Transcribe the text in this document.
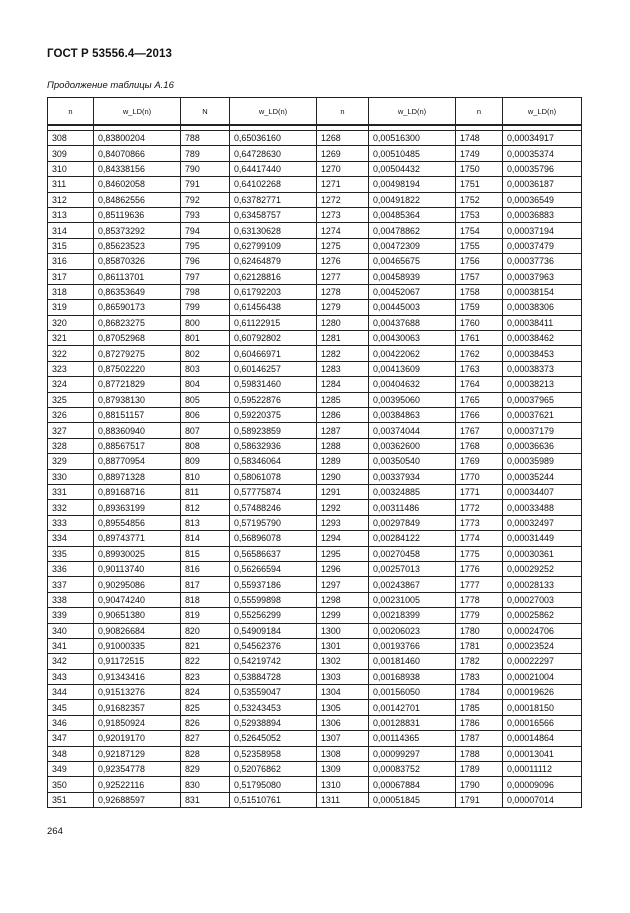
ГОСТ Р 53556.4—2013
Продолжение таблицы А.16
n	w_LD(n)	N	w_LD(n)	n	w_LD(n)	n	w_LD(n)

308	0,83800204	788	0,65036160	1268	0,00516300	1748	0,00034917
309	0,84070866	789	0,64728630	1269	0,00510485	1749	0,00035374
310	0,84338156	790	0,64417440	1270	0,00504432	1750	0,00035796
311	0,84602058	791	0,64102268	1271	0,00498194	1751	0,00036187
312	0,84862556	792	0,63782771	1272	0,00491822	1752	0,00036549
313	0,85119636	793	0,63458757	1273	0,00485364	1753	0,00036883
314	0,85373292	794	0,63130628	1274	0,00478862	1754	0,00037194
315	0,85623523	795	0,62799109	1275	0,00472309	1755	0,00037479
316	0,85870326	796	0,62464879	1276	0,00465675	1756	0,00037736
317	0,86113701	797	0,62128816	1277	0,00458939	1757	0,00037963
318	0,86353649	798	0,61792203	1278	0,00452067	1758	0,00038154
319	0,86590173	799	0,61456438	1279	0,00445003	1759	0,00038306
320	0,86823275	800	0,61122915	1280	0,00437688	1760	0,00038411
321	0,87052968	801	0,60792802	1281	0,00430063	1761	0,00038462
322	0,87279275	802	0,60466971	1282	0,00422062	1762	0,00038453
323	0,87502220	803	0,60146257	1283	0,00413609	1763	0,00038373
324	0,87721829	804	0,59831460	1284	0,00404632	1764	0,00038213
325	0,87938130	805	0,59522876	1285	0,00395060	1765	0,00037965
326	0,88151157	806	0,59220375	1286	0,00384863	1766	0,00037621
327	0,88360940	807	0,58923859	1287	0,00374044	1767	0,00037179
328	0,88567517	808	0,58632936	1288	0,00362600	1768	0,00036636
329	0,88770954	809	0,58346064	1289	0,00350540	1769	0,00035989
330	0,88971328	810	0,58061078	1290	0,00337934	1770	0,00035244
331	0,89168716	811	0,57775874	1291	0,00324885	1771	0,00034407
332	0,89363199	812	0,57488246	1292	0,00311486	1772	0,00033488
333	0,89554856	813	0,57195790	1293	0,00297849	1773	0,00032497
334	0,89743771	814	0,56896078	1294	0,00284122	1774	0,00031449
335	0,89930025	815	0,56586637	1295	0,00270458	1775	0,00030361
336	0,90113740	816	0,56266594	1296	0,00257013	1776	0,00029252
337	0,90295086	817	0,55937186	1297	0,00243867	1777	0,00028133
338	0,90474240	818	0,55599898	1298	0,00231005	1778	0,00027003
339	0,90651380	819	0,55256299	1299	0,00218399	1779	0,00025862
340	0,90826684	820	0,54909184	1300	0,00206023	1780	0,00024706
341	0,91000335	821	0,54562376	1301	0,00193766	1781	0,00023524
342	0,91172515	822	0,54219742	1302	0,00181460	1782	0,00022297
343	0,91343416	823	0,53884728	1303	0,00168938	1783	0,00021004
344	0,91513276	824	0,53559047	1304	0,00156050	1784	0,00019626
345	0,91682357	825	0,53243453	1305	0,00142701	1785	0,00018150
346	0,91850924	826	0,52938894	1306	0,00128831	1786	0,00016566
347	0,92019170	827	0,52645052	1307	0,00114365	1787	0,00014864
348	0,92187129	828	0,52358958	1308	0,00099297	1788	0,00013041
349	0,92354778	829	0,52076862	1309	0,00083752	1789	0,00011112
350	0,92522116	830	0,51795080	1310	0,00067884	1790	0,00009096
351	0,92688597	831	0,51510761	1311	0,00051845	1791	0,00007014
264
